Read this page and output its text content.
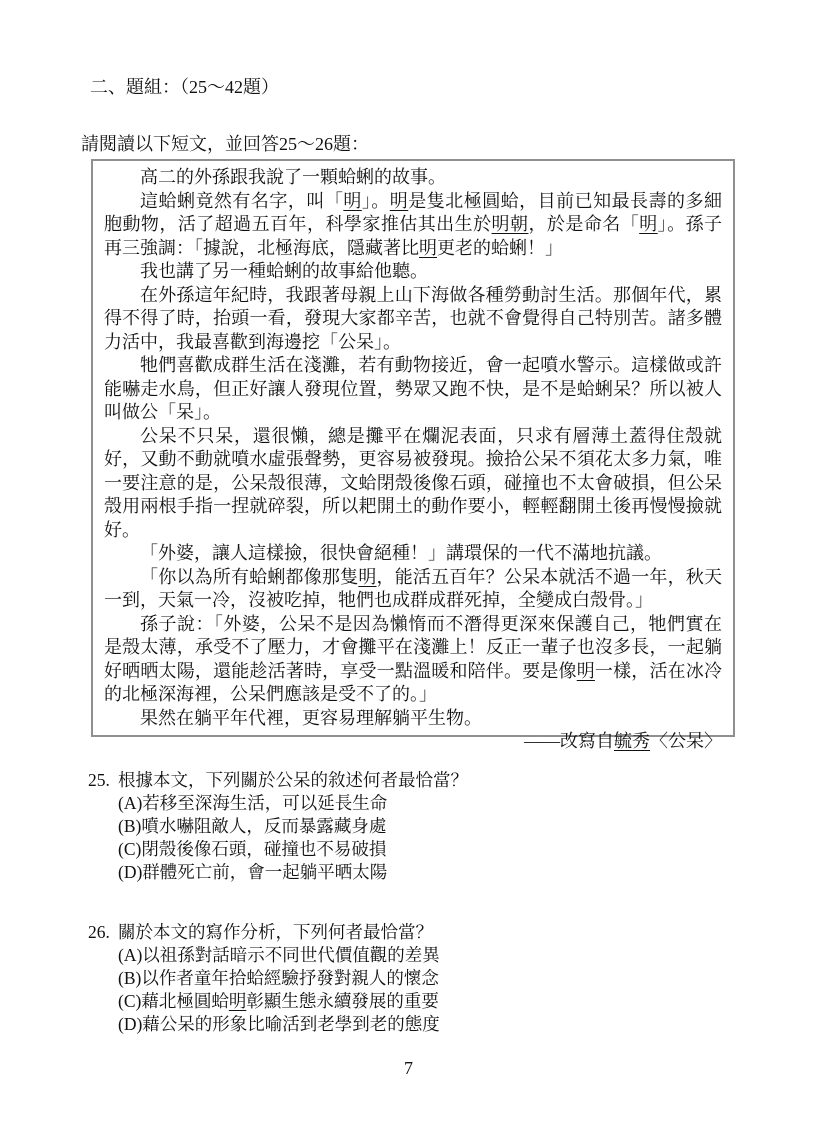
二、題組：（25～42題）
請閱讀以下短文，並回答25～26題：

高二的外孫跟我說了一顆蛤蜊的故事。

這蛤蜊竟然有名字，叫「明」。明是隻北極圓蛤，目前已知最長壽的多細胞動物，活了超過五百年，科學家推估其出生於明朝，於是命名「明」。孫子再三強調：「據說，北極海底，隱藏著比明更老的蛤蜊！」

我也講了另一種蛤蜊的故事給他聽。

在外孫這年紀時，我跟著母親上山下海做各種勞動討生活。那個年代，累得不得了時，抬頭一看，發現大家都辛苦，也就不會覺得自己特別苦。諸多體力活中，我最喜歡到海邊挖「公呆」。

牠們喜歡成群生活在淺灘，若有動物接近，會一起噴水警示。這樣做或許能嚇走水鳥，但正好讓人發現位置，勢眾又跑不快，是不是蛤蜊呆？所以被人叫做公「呆」。

公呆不只呆，還很懶，總是攤平在爛泥表面，只求有層薄土蓋得住殼就好，又動不動就噴水虛張聲勢，更容易被發現。撿拾公呆不須花太多力氣，唯一要注意的是，公呆殼很薄，文蛤閉殼後像石頭，碰撞也不太會破損，但公呆殼用兩根手指一捏就碎裂，所以耙開土的動作要小，輕輕翻開土後再慢慢撿就好。

「外婆，讓人這樣撿，很快會絕種！」講環保的一代不滿地抗議。

「你以為所有蛤蜊都像那隻明，能活五百年？公呆本就活不過一年，秋天一到，天氣一冷，沒被吃掉，牠們也成群成群死掉，全變成白殼骨。」

孫子說：「外婆，公呆不是因為懶惰而不潛得更深來保護自己，牠們實在是殼太薄，承受不了壓力，才會攤平在淺灘上！反正一輩子也沒多長，一起躺好晒晒太陽，還能趁活著時，享受一點溫暖和陪伴。要是像明一樣，活在冰冷的北極深海裡，公呆們應該是受不了的。」

果然在躺平年代裡，更容易理解躺平生物。

——改寫自毓秀〈公呆〉

25. 根據本文，下列關於公呆的敘述何者最恰當？
(A)若移至深海生活，可以延長生命
(B)噴水嚇阻敵人，反而暴露藏身處
(C)閉殼後像石頭，碰撞也不易破損
(D)群體死亡前，會一起躺平晒太陽
26. 關於本文的寫作分析，下列何者最恰當？
(A)以祖孫對話暗示不同世代價值觀的差異
(B)以作者童年拾蛤經驗抒發對親人的懷念
(C)藉北極圓蛤明彰顯生態永續發展的重要
(D)藉公呆的形象比喻活到老學到老的態度
7
